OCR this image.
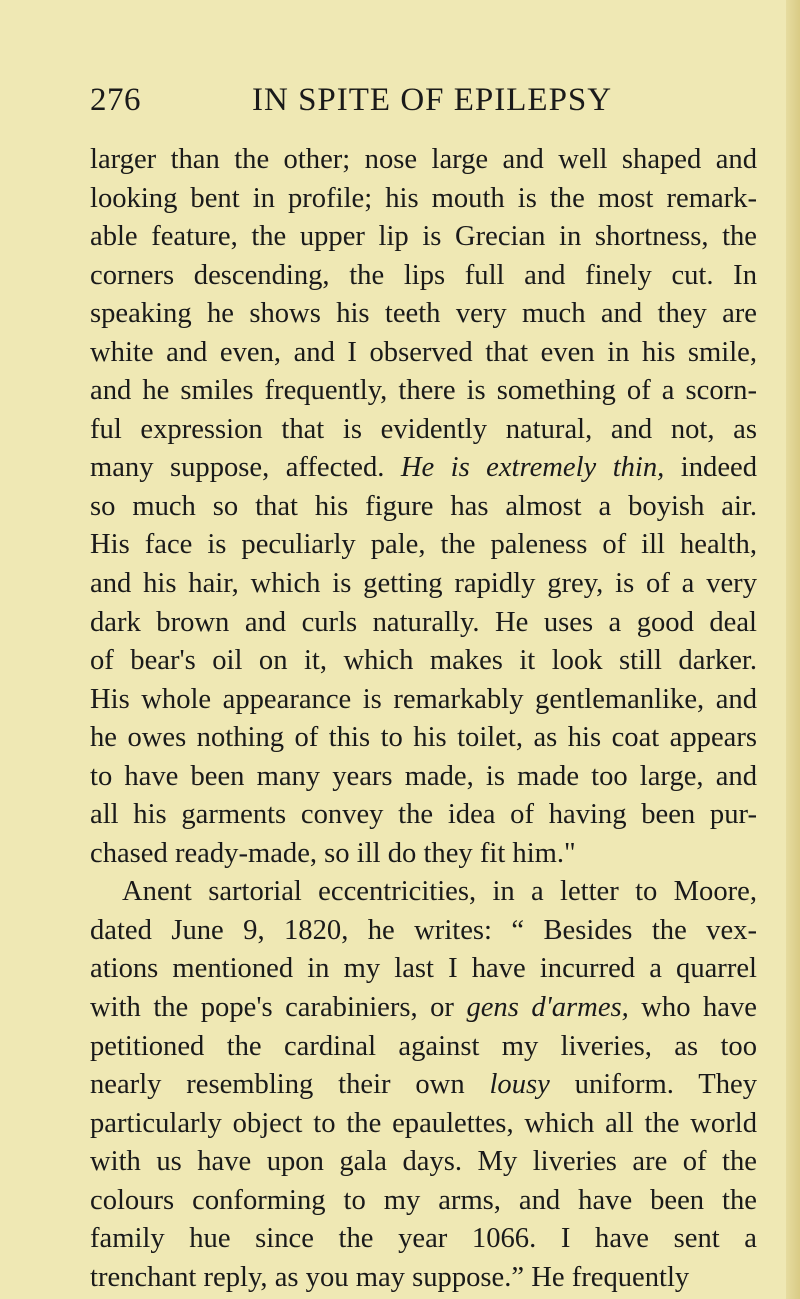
276	IN SPITE OF EPILEPSY
larger than the other; nose large and well shaped and
looking bent in profile; his mouth is the most remark-
able feature, the upper lip is Grecian in shortness, the
corners descending, the lips full and finely cut. In
speaking he shows his teeth very much and they are
white and even, and I observed that even in his smile,
and he smiles frequently, there is something of a scorn-
ful expression that is evidently natural, and not, as
many suppose, affected. He is extremely thin, indeed
so much so that his figure has almost a boyish air.
His face is peculiarly pale, the paleness of ill health,
and his hair, which is getting rapidly grey, is of a very
dark brown and curls naturally. He uses a good deal
of bear's oil on it, which makes it look still darker.
His whole appearance is remarkably gentlemanlike, and
he owes nothing of this to his toilet, as his coat appears
to have been many years made, is made too large, and
all his garments convey the idea of having been pur-
chased ready-made, so ill do they fit him."
Anent sartorial eccentricities, in a letter to Moore,
dated June 9, 1820, he writes: “ Besides the vex-
ations mentioned in my last I have incurred a quarrel
with the pope's carabiniers, or gens d'armes, who have
petitioned the cardinal against my liveries, as too
nearly resembling their own lousy uniform. They
particularly object to the epaulettes, which all the world
with us have upon gala days. My liveries are of the
colours conforming to my arms, and have been the
family hue since the year 1066. I have sent a
trenchant reply, as you may suppose.” He frequently
